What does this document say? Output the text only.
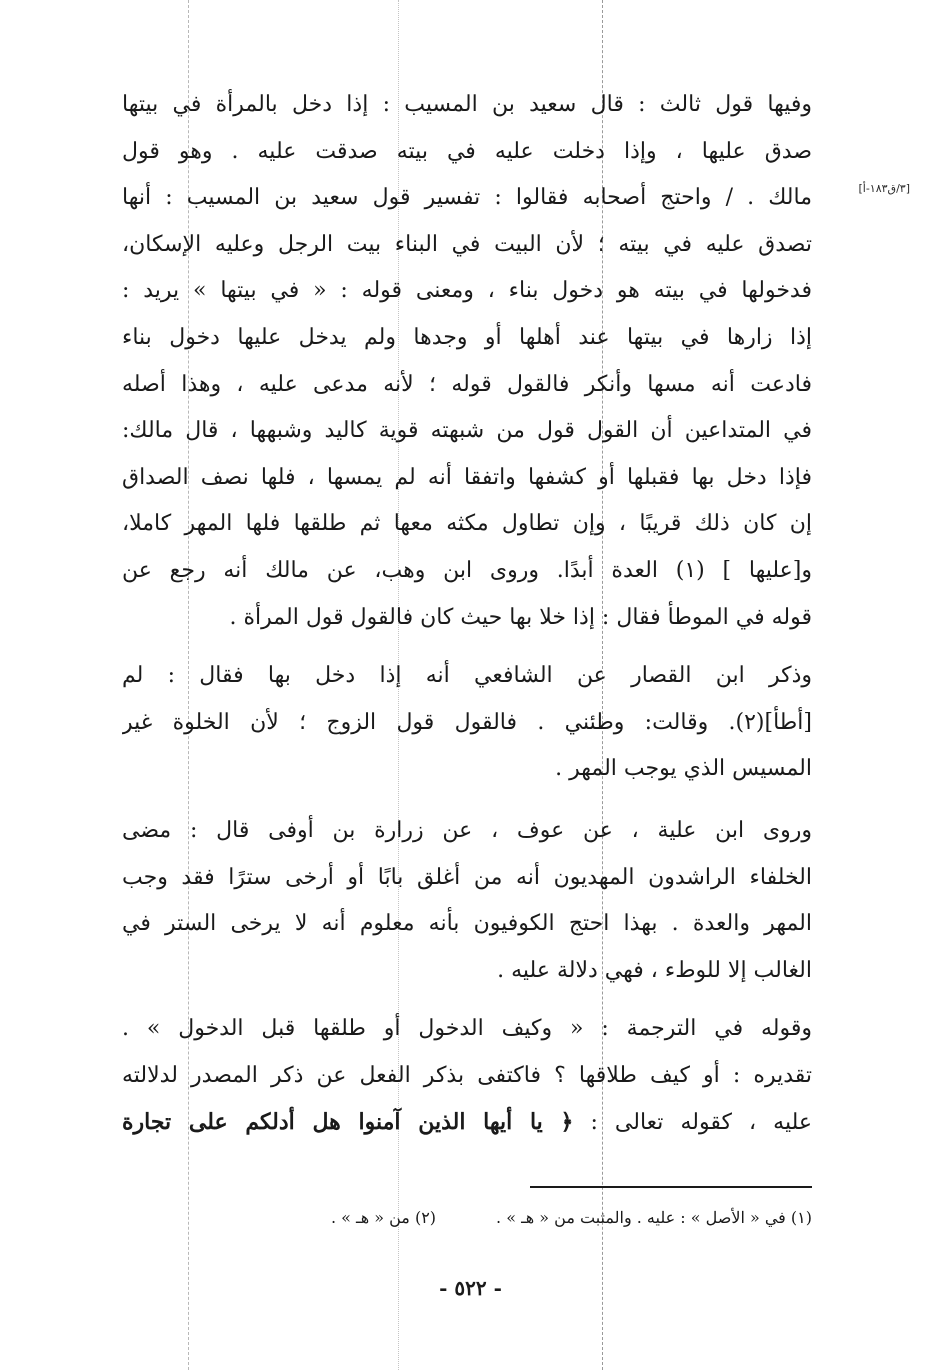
[٣/ق١٨٣-أ]
وفيها قول ثالث : قال سعيد بن المسيب : إذا دخل بالمرأة في بيتها
صدق عليها ، وإذا دخلت عليه في بيته صدقت عليه . وهو قول
مالك . / واحتج أصحابه فقالوا : تفسير قول سعيد بن المسيب : أنها
تصدق عليه في بيته ؛ لأن البيت في البناء بيت الرجل وعليه الإسكان،
فدخولها في بيته هو دخول بناء ، ومعنى قوله : « في بيتها » يريد :
إذا زارها في بيتها عند أهلها أو وجدها ولم يدخل عليها دخول بناء
فادعت أنه مسها وأنكر فالقول قوله ؛ لأنه مدعى عليه ، وهذا أصله
في المتداعين أن القول قول من شبهته قوية كاليد وشبهها ، قال مالك:
فإذا دخل بها فقبلها أو كشفها واتفقا أنه لم يمسها ، فلها نصف الصداق
إن كان ذلك قريبًا ، وإن تطاول مكثه معها ثم طلقها فلها المهر كاملا،
و[عليها ] (١) العدة أبدًا. وروى ابن وهب، عن مالك أنه رجع عن
قوله في الموطأ فقال : إذا خلا بها حيث كان فالقول قول المرأة .
وذكر ابن القصار عن الشافعي أنه إذا دخل بها فقال : لم
[أطأ](٢). وقالت: وطئني . فالقول قول الزوج ؛ لأن الخلوة غير
المسيس الذي يوجب المهر .
وروى ابن علية ، عن عوف ، عن زرارة بن أوفى قال : مضى
الخلفاء الراشدون المهديون أنه من أغلق بابًا أو أرخى سترًا فقد وجب
المهر والعدة . بهذا احتج الكوفيون بأنه معلوم أنه لا يرخى الستر في
الغالب إلا للوطء ، فهي دلالة عليه .
وقوله في الترجمة : « وكيف الدخول أو طلقها قبل الدخول » .
تقديره : أو كيف طلاقها ؟ فاكتفى بذكر الفعل عن ذكر المصدر لدلالته
عليه ، كقوله تعالى : ﴿ يا أيها الذين آمنوا هل أدلكم على تجارة
(١) في « الأصل » : عليه . والمثبت من « هـ » .(٢) من « هـ » .
- ٥٢٢ -
